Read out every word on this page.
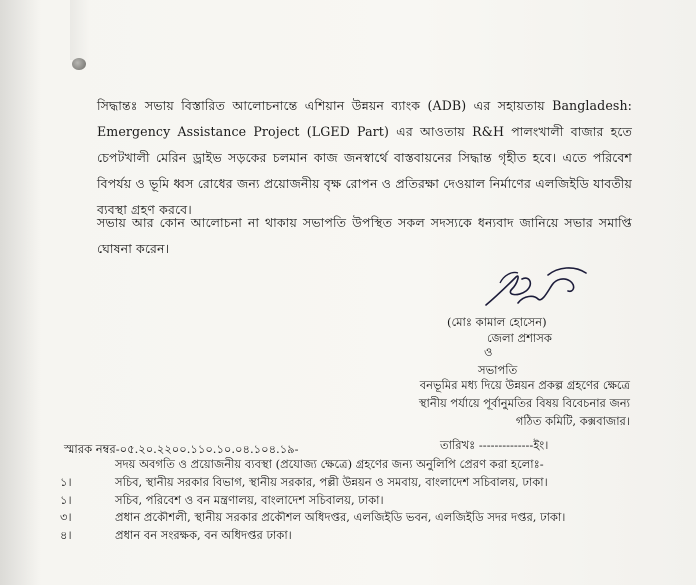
সিদ্ধান্তঃ সভায় বিস্তারিত আলোচনান্তে এশিয়ান উন্নয়ন ব্যাংক (ADB) এর সহায়তায় Bangladesh: Emergency Assistance Project (LGED Part) এর আওতায় R&H পালংখালী বাজার হতে চেপটখালী মেরিন ড্রাইভ সড়কের চলমান কাজ জনস্বার্থে বাস্তবায়নের সিদ্ধান্ত গৃহীত হবে। এতে পরিবেশ বিপর্যয় ও ভূমি ধ্বস রোধের জন্য প্রয়োজনীয় বৃক্ষ রোপন ও প্রতিরক্ষা দেওয়াল নির্মাণের এলজিইডি যাবতীয় ব্যবস্থা গ্রহণ করবে।
সভায় আর কোন আলোচনা না থাকায় সভাপতি উপস্থিত সকল সদস্যকে ধন্যবাদ জানিয়ে সভার সমাপ্তি ঘোষনা করেন।
(মোঃ কামাল হোসেন)
জেলা প্রশাসক
ও
সভাপতি
বনভূমির মধ্য দিয়ে উন্নয়ন প্রকল্প গ্রহণের ক্ষেত্রে
স্থানীয় পর্যায়ে পূর্বানুমতির বিষয় বিবেচনার জন্য
গঠিত কমিটি, কক্সবাজার।
স্মারক নম্বর-০৫.২০.২২০০.১১০.১০.০৪.১০৪.১৯-	তারিখঃ --------------ইং।
সদয় অবগতি ও প্রয়োজনীয় ব্যবস্থা (প্রযোজ্য ক্ষেত্রে) গ্রহণের জন্য অনুলিপি প্রেরণ করা হলোঃ-
১।	সচিব, স্থানীয় সরকার বিভাগ, স্থানীয় সরকার, পল্লী উন্নয়ন ও সমবায়, বাংলাদেশ সচিবালয়, ঢাকা।
১।	সচিব, পরিবেশ ও বন মন্ত্রণালয়, বাংলাদেশ সচিবালয়, ঢাকা।
৩।	প্রধান প্রকৌশলী, স্থানীয় সরকার প্রকৌশল অধিদপ্তর, এলজিইডি ভবন, এলজিইডি সদর দপ্তর, ঢাকা।
৪।	প্রধান বন সংরক্ষক, বন অধিদপ্তর ঢাকা।
